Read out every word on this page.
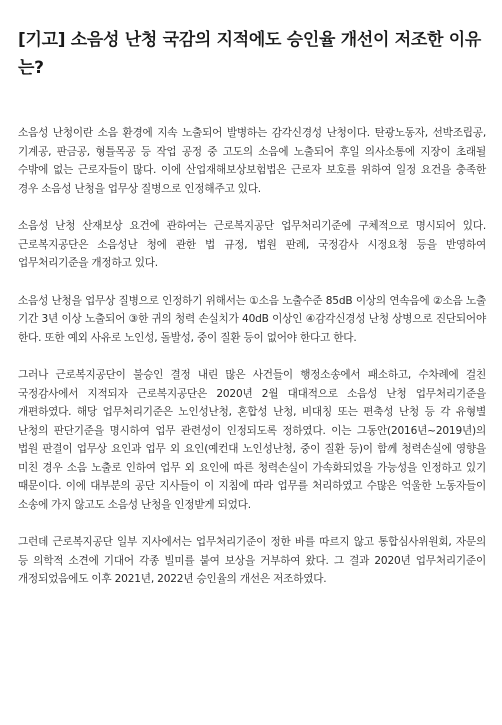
[기고] 소음성 난청 국감의 지적에도 승인율 개선이 저조한 이유는?

소음성 난청이란 소음 환경에 지속 노출되어 발병하는 감각신경성 난청이다. 탄광노동자, 선박조립공, 기계공, 판금공, 형틀목공 등 작업 공정 중 고도의 소음에 노출되어 후일 의사소통에 지장이 초래될 수밖에 없는 근로자들이 많다. 이에 산업재해보상보험법은 근로자 보호를 위하여 일정 요건을 충족한 경우 소음성 난청을 업무상 질병으로 인정해주고 있다.

소음성 난청 산재보상 요건에 관하여는 근로복지공단 업무처리기준에 구체적으로 명시되어 있다. 근로복지공단은 소음성난 청에 관한 법 규정, 법원 판례, 국정감사 시정요청 등을 반영하여 업무처리기준을 개정하고 있다.

소음성 난청을 업무상 질병으로 인정하기 위해서는 ①소음 노출수준 85dB 이상의 연속음에 ②소음 노출 기간 3년 이상 노출되어 ③한 귀의 청력 손실치가 40dB 이상인 ④감각신경성 난청 상병으로 진단되어야 한다. 또한 예외 사유로 노인성, 돌발성, 중이 질환 등이 없어야 한다고 한다.

그러나 근로복지공단이 불승인 결정 내린 많은 사건들이 행정소송에서 패소하고, 수차례에 걸친 국정감사에서 지적되자 근로복지공단은 2020년 2월 대대적으로 소음성 난청 업무처리기준을 개편하였다. 해당 업무처리기준은 노인성난청, 혼합성 난청, 비대칭 또는 편축성 난청 등 각 유형별 난청의 판단기준을 명시하여 업무 관련성이 인정되도록 정하였다. 이는 그동안(2016년~2019년)의 법원 판결이 업무상 요인과 업무 외 요인(예컨대 노인성난청, 중이 질환 등)이 함께 청력손실에 영향을 미친 경우 소음 노출로 인하여 업무 외 요인에 따른 청력손실이 가속화되었을 가능성을 인정하고 있기 때문이다. 이에 대부분의 공단 지사들이 이 지침에 따라 업무를 처리하였고 수많은 억울한 노동자들이 소송에 가지 않고도 소음성 난청을 인정받게 되었다.

그런데 근로복지공단 일부 지사에서는 업무처리기준이 정한 바를 따르지 않고 통합심사위원회, 자문의 등 의학적 소견에 기대어 각종 빌미를 붙여 보상을 거부하여 왔다. 그 결과 2020년 업무처리기준이 개정되었음에도 이후 2021년, 2022년 승인율의 개선은 저조하였다.
